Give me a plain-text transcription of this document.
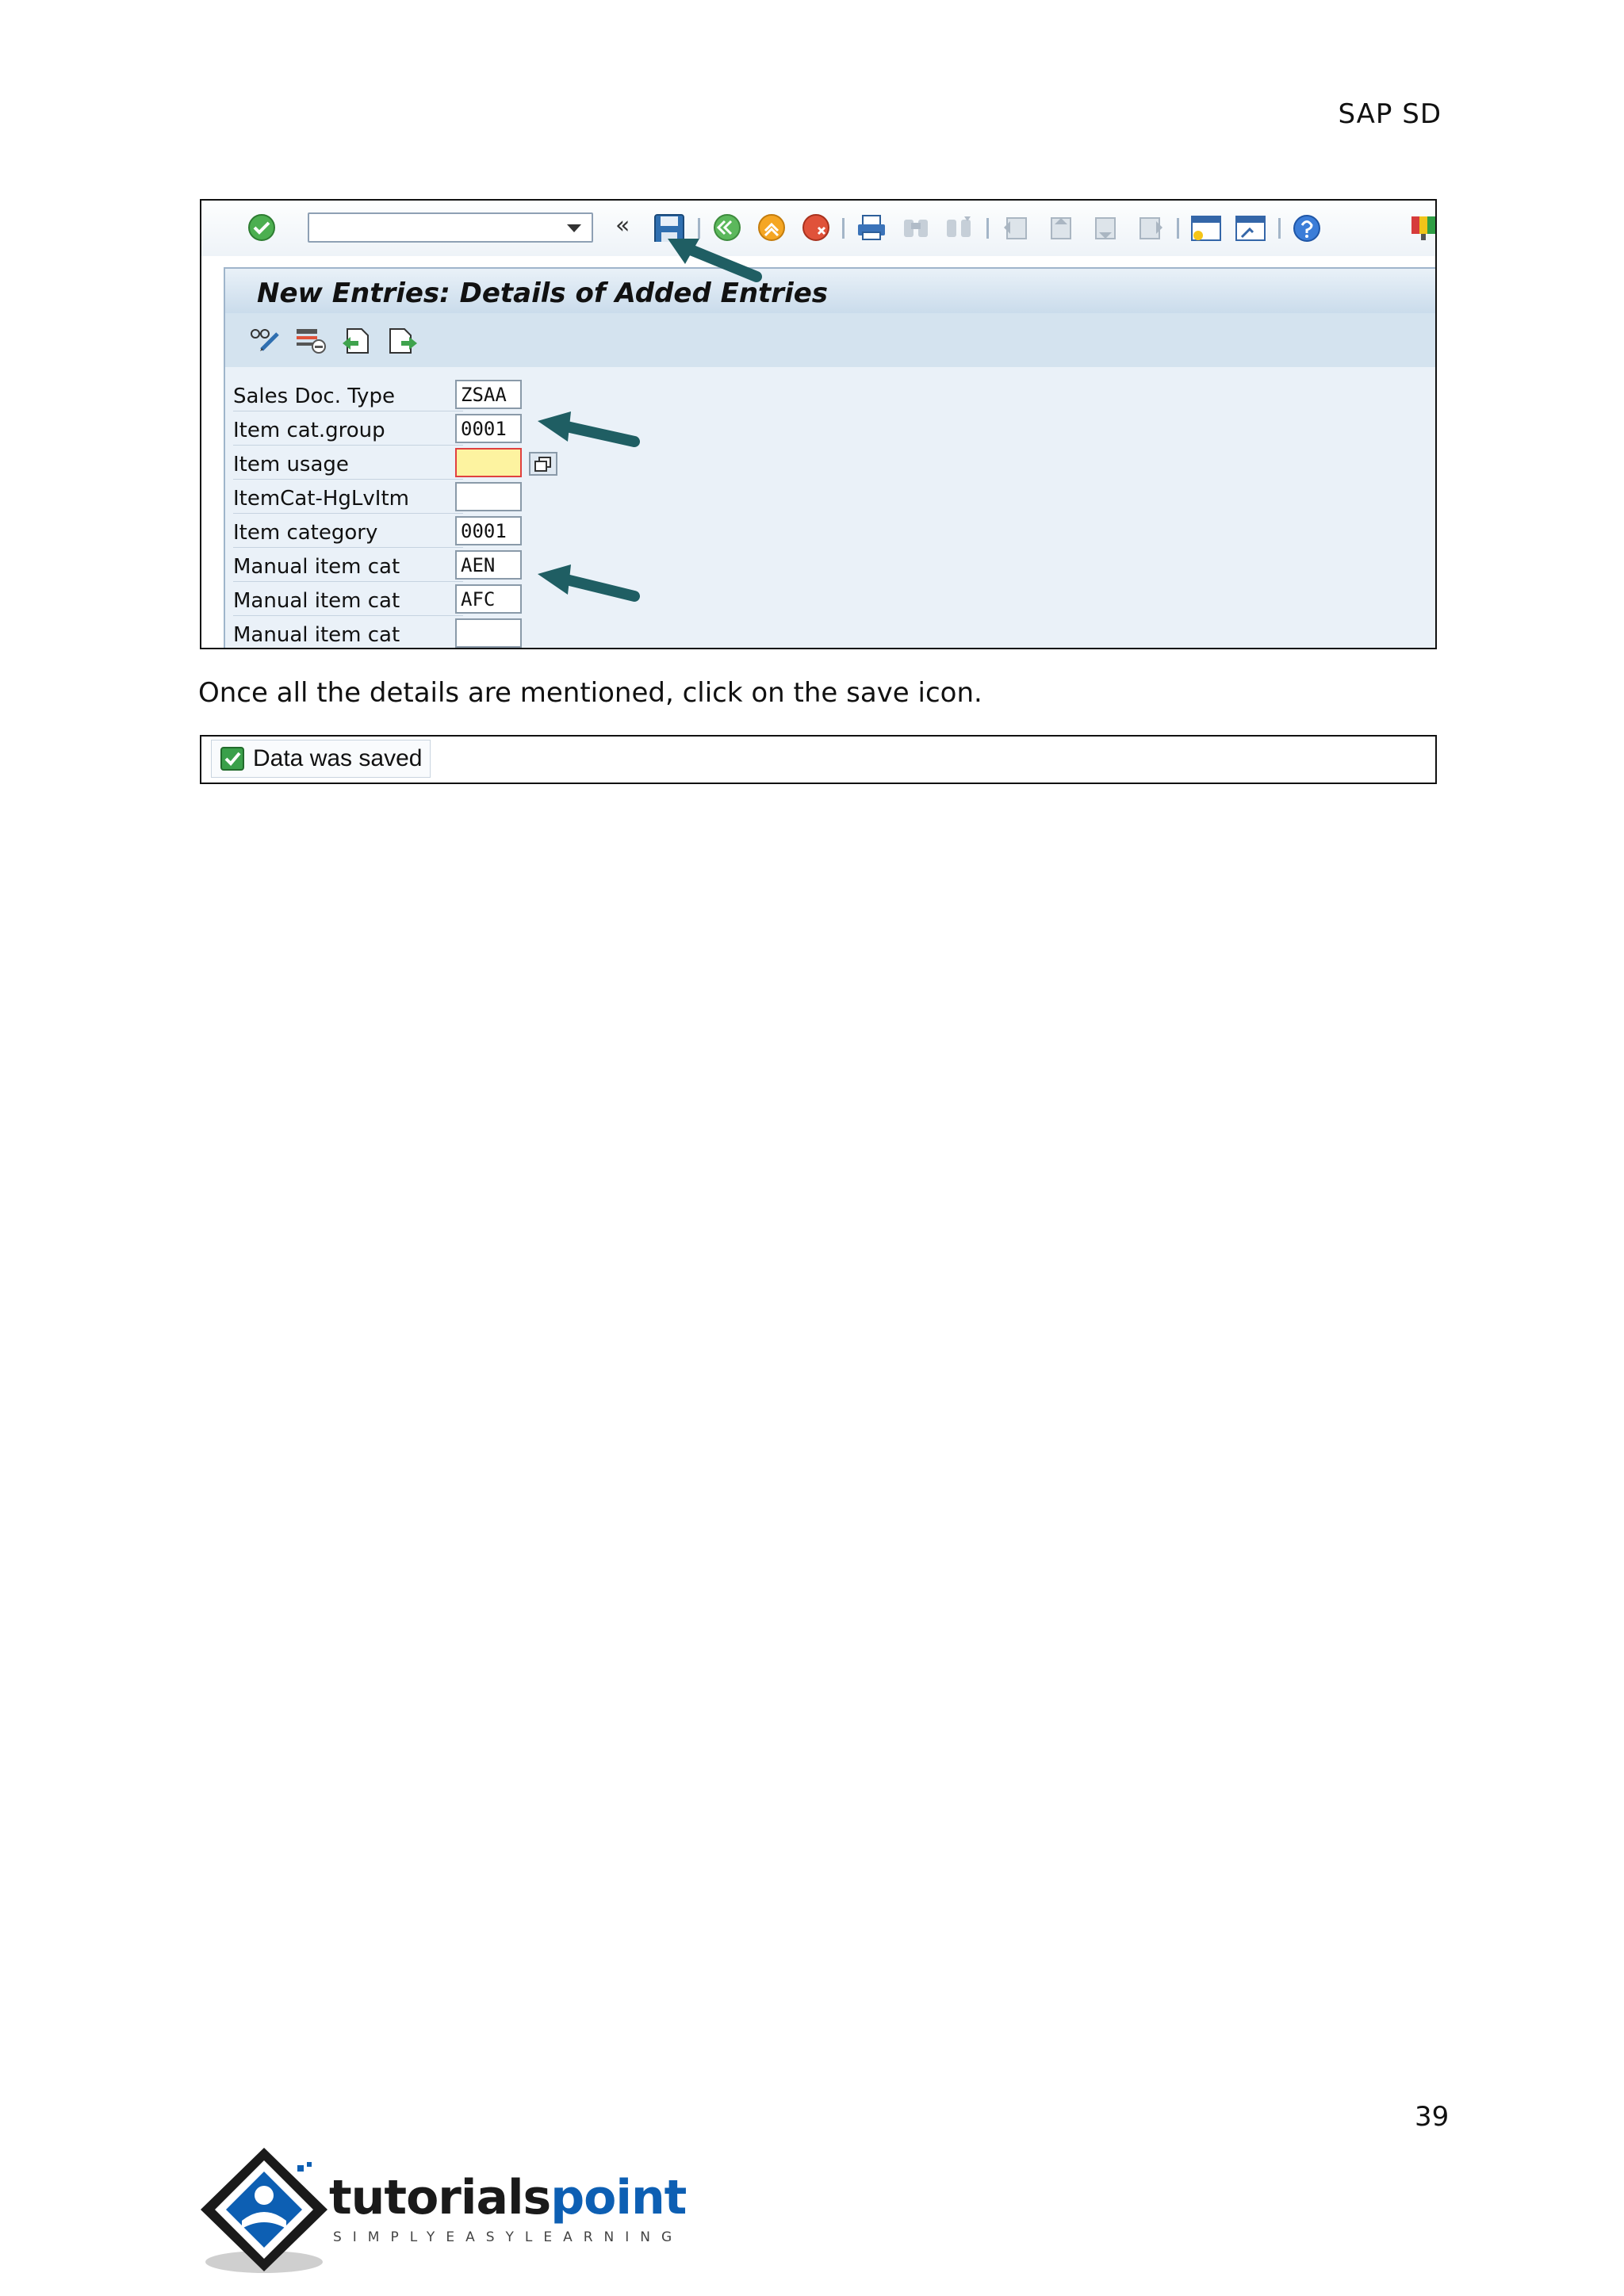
SAP SD
«
New Entries: Details of Added Entries
Sales Doc. Type	ZSAA
Item cat.group	0001
Item usage
ItemCat-HgLvItm
Item category	0001
Manual item cat	AEN
Manual item cat	AFC
Manual item cat
Once all the details are mentioned, click on the save icon.
Data was saved
39
tutorialspoint
SIMPLYEASYLEARNING
